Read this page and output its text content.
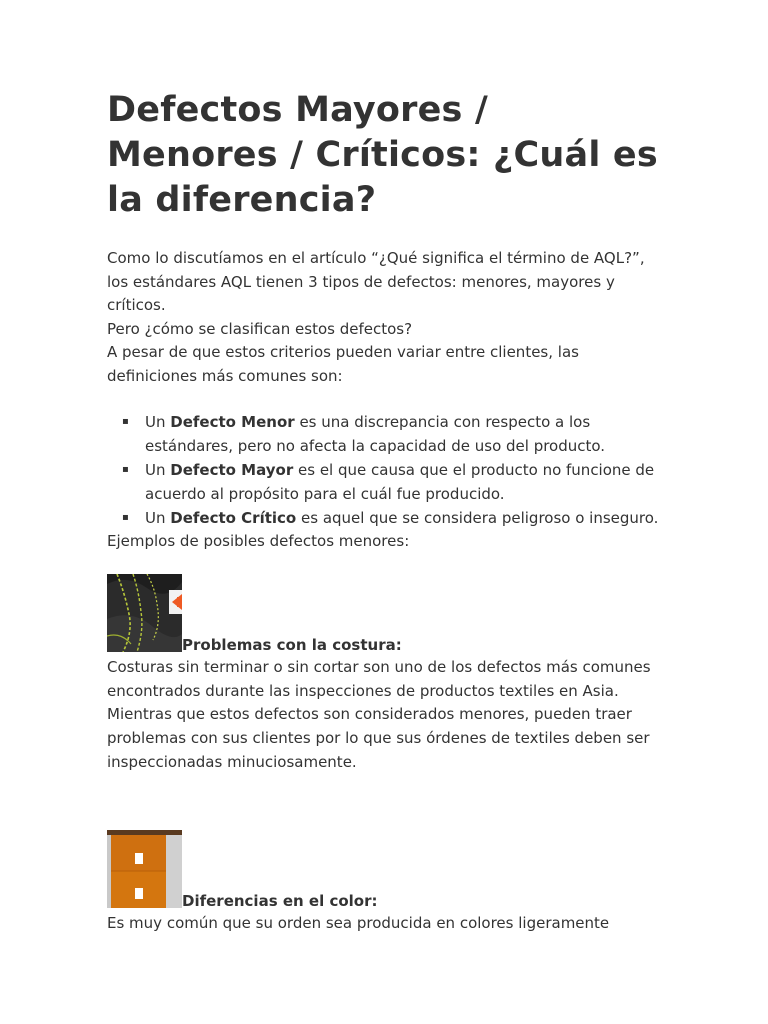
Defectos Mayores / Menores / Críticos: ¿Cuál es la diferencia?

Como lo discutíamos en el artículo “¿Qué significa el término de AQL?”, los estándares AQL tienen 3 tipos de defectos: menores, mayores y críticos.

Pero ¿cómo se clasifican estos defectos?

A pesar de que estos criterios pueden variar entre clientes, las definiciones más comunes son:

▪ Un Defecto Menor es una discrepancia con respecto a los estándares, pero no afecta la capacidad de uso del producto.
▪ Un Defecto Mayor es el que causa que el producto no funcione de acuerdo al propósito para el cuál fue producido.
▪ Un Defecto Crítico es aquel que se considera peligroso o inseguro.

Ejemplos de posibles defectos menores:

Problemas con la costura:

Costuras sin terminar o sin cortar son uno de los defectos más comunes encontrados durante las inspecciones de productos textiles en Asia. Mientras que estos defectos son considerados menores, pueden traer problemas con sus clientes por lo que sus órdenes de textiles deben ser inspeccionadas minuciosamente.

Diferencias en el color:

Es muy común que su orden sea producida en colores ligeramente
